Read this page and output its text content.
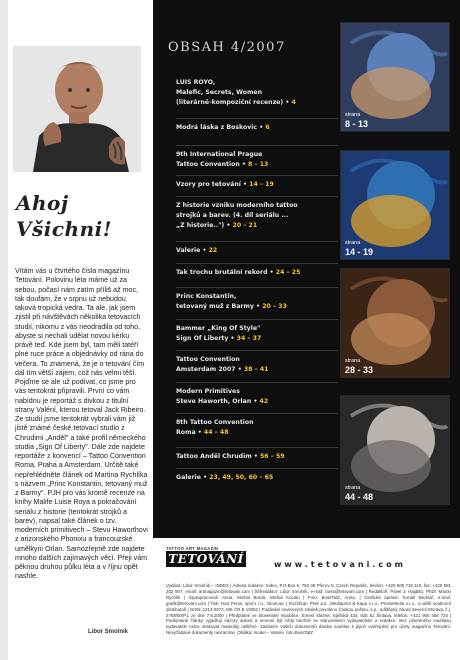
Ahoj
Všichni!
Vítám vás u čtvrtého čísla magazínu Tetování. Polovinu léta máme už za sebou, počasí nám zatím příliš až moc, tak doufám, že v srpnu už nebudou taková tropická vedra. Ta ale, jak jsem zjistil při návštěvách několika tetovacích studií, nikomu z vás neodradila od toho, abyste si nechali udělat novou kérku právě teď. Kde jsem byl, tam měli tatéři plné ruce práce a objednávky od rána do večera. To znamená, že je o tetování čím dál tím větší zájem, což nás velmi těší. Pojďme se ale už podívat, co jsme pro vás tentokrát připravili. První co vám nabídnu je reportáž s divkou z titulní strany Valérií, kterou tetoval Jack Ribeiro. Ze studií jsme tentokrát vybrali vám již jistě známé české tetovací studio z Chrudimi „Anděl" a také profil německého studia „Sign Of Liberty". Dále zde najdete reportáže z konvencí – Tattoo Convention Roma, Praha a Amsterdam. Určitě také nepřehlédněte článek od Martina Rychlíka s názvem „Princ Konstantin, tetovaný muž z Barmy". PJH pro vás kromě recenze na knihy Malife Luise Roya a pokračování seriálu z historie (tentokrát strojků a barev), napsal také článek o tzv. moderních primitivech – Stevu Haworthovi z arizonského Phonixu a francouzské umělkyni Orlan. Samozřejmě zde najdete mnoho dalších zajímavých věcí. Přeji vám pěknou druhou půlku léta a v říjnu opět nashle.
Libor Smolník
OBSAH 4/2007
TATTOO ART MAGAZÍN
TETOVÁNÍ	www.tetovani.com
Vydává: Libor Smolník – INDEX | Adresa redakce: Index, P.O.Box 6, 750 05 Přerov 5, Czech Republic, telefon: +420 608 718 110, fax: +420 581 202 907, email: artmagazin@tetovani.com | Šéfredaktor: Libor Smolník, e-mail: boss@tetovani.com | Redaktoři: Pavel J. Hajdtko, PhDr. Martin Rychlík | Spolupracovali: Anna, Michal Burda, Michal Kocián | Foto: BossTatZ, Anna, | Grafická úprava: Tomáš Bednář, e-mail: grafik@tetovani.com | Tisk: Hart Press, spol.s r.o., Olomouc | Rozšiřuje: PNS a.s., Mediaprint & Kapa s.r.o., PressMedia s.r.o., a další soukromí distributoři | ISSN: 1213-0672, MK ČR E 10052 | Podávání novinových zásilek povoleno Českou poštou, s.p., odštěpný závod Severní Morava, č.j. 2768/00/P.1 ze dne 7.6.2000 | Předplatné ve Slovenské republice: Ernest Slamel, Spišská 434, 925 51 Šintava, telefon: +421 905 458 724 | Podepsané články vyjadřují názory autorů a nemusí být vždy totožné se stanoviskem vydavatelství a redakce. Bez písemného souhlasu vydavatele nelze otiskovat materiály otištěné. Zaslaním vašich dokumentů dáváte souhlas k jejich uveřejnění pro účely magazínu Tetování. Nevyžádané dokumenty nevracíme. Obálka: model – Valerie, foto BossTatZ
LUIS ROYO,
Malefic, Secrets, Women
(literárně-kompoziční recenze) • 4
Modrá láska z Boskovic • 6
9th International Prague
Tattoo Convention • 8 – 13
Vzory pro tetování • 14 – 19
Z historie vzniku moderního tattoo
strojků a barev. (4. díl seriálu ...
„Z historie..") • 20 – 21
Valerie • 22
Tak trochu brutální rekord • 24 – 25
Princ Konstantin,
tetovaný muž z Barmy • 20 – 33
Bammer „King Of Style"
Sign Of Liberty • 34 – 37
Tattoo Convention
Amsterdam 2007 • 38 – 41
Modern Primitives
Steve Haworth, Orlan • 42
8th Tattoo Convention
Roma • 44 – 48
Tattoo Anděl Chrudim • 56 – 59
Galerie • 23, 49, 50, 60 – 65
strana
8 - 13
strana
14 - 19
strana
28 - 33
strana
44 - 48
